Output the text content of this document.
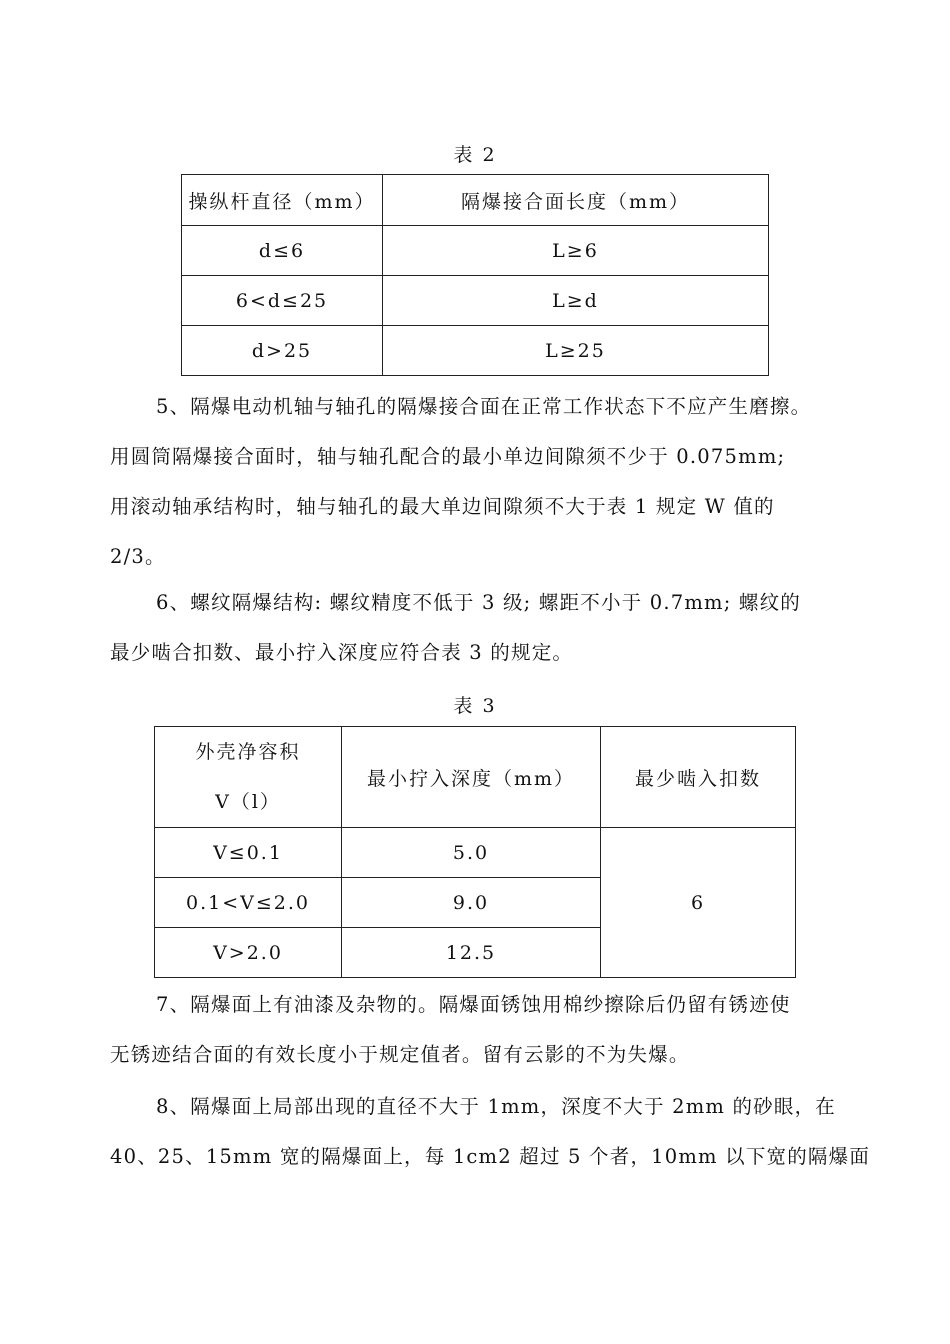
表 2
操纵杆直径（mm）	隔爆接合面长度（mm）
d≤6	L≥6
6<d≤25	L≥d
d>25	L≥25
5、隔爆电动机轴与轴孔的隔爆接合面在正常工作状态下不应产生磨擦。
用圆筒隔爆接合面时，轴与轴孔配合的最小单边间隙须不少于 0.075mm;
用滚动轴承结构时，轴与轴孔的最大单边间隙须不大于表 1 规定 W 值的
2/3。
6、螺纹隔爆结构: 螺纹精度不低于 3 级; 螺距不小于 0.7mm; 螺纹的
最少啮合扣数、最小拧入深度应符合表 3 的规定。
表 3
外壳净容积
V（l）	最小拧入深度（mm）	最少啮入扣数
V≤0.1	5.0	6
0.1<V≤2.0	9.0	
V>2.0	12.5	
7、隔爆面上有油漆及杂物的。隔爆面锈蚀用棉纱擦除后仍留有锈迹使
无锈迹结合面的有效长度小于规定值者。留有云影的不为失爆。
8、隔爆面上局部出现的直径不大于 1mm，深度不大于 2mm 的砂眼，在
40、25、15mm 宽的隔爆面上，每 1cm2 超过 5 个者，10mm 以下宽的隔爆面
